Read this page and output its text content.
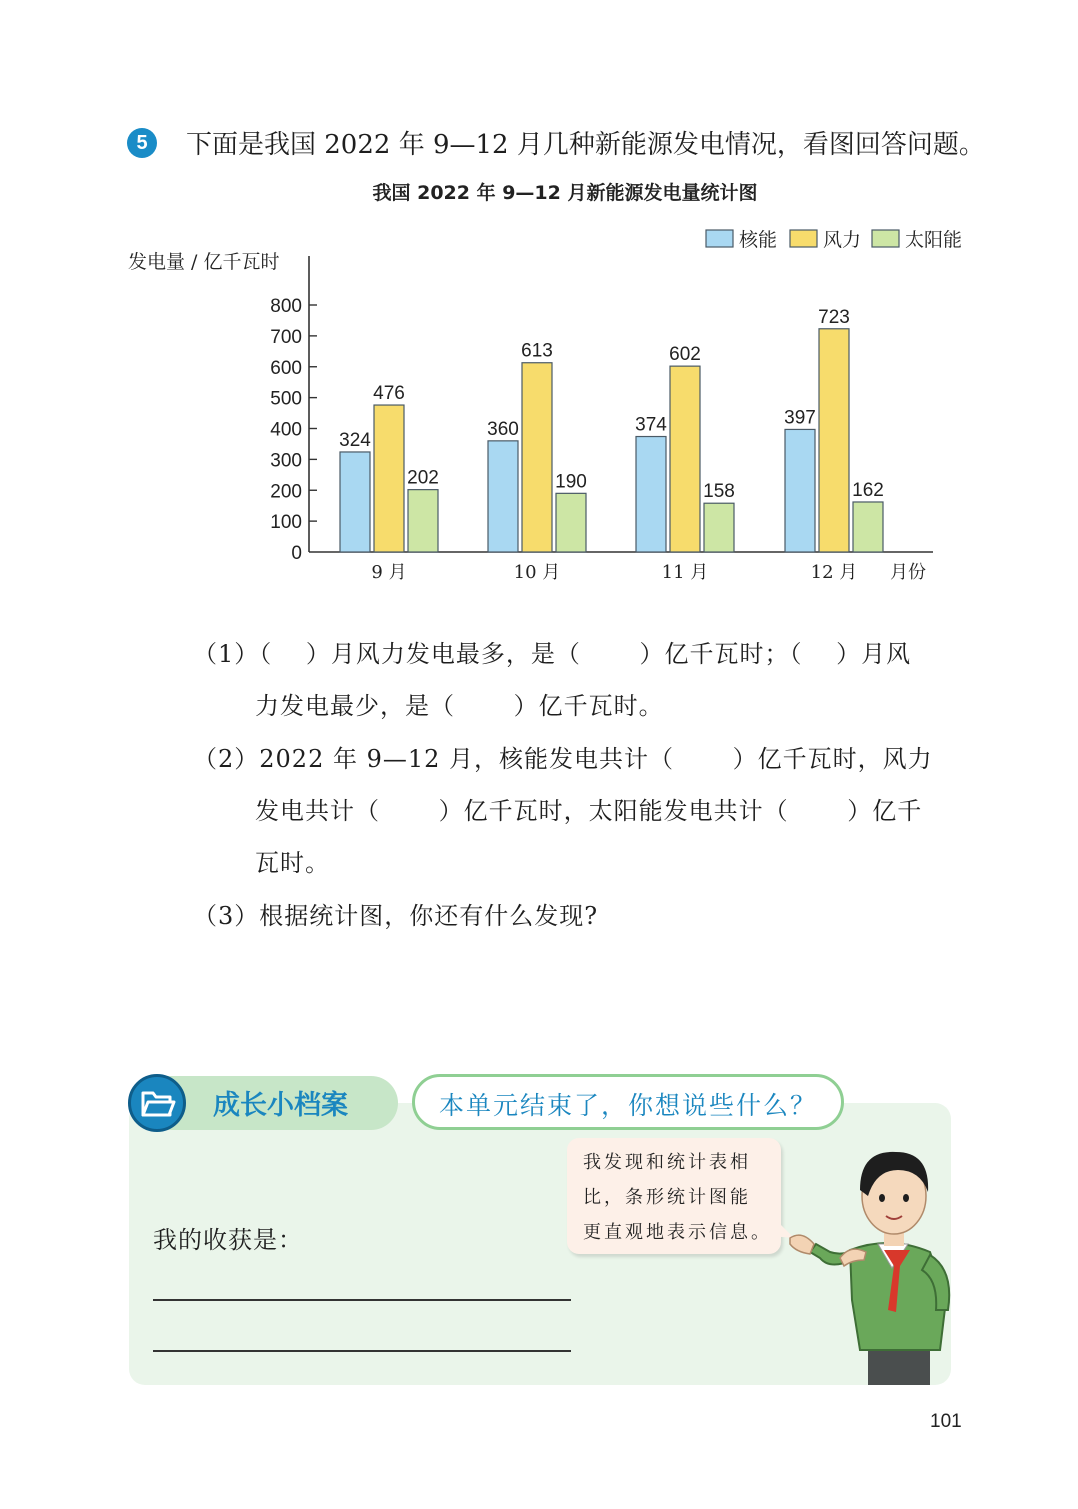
5	下面是我国 2022 年 9—12 月几种新能源发电情况，看图回答问题。
我国 2022 年 9—12 月新能源发电量统计图
发电量 / 亿千瓦时
月份
0
100
200
300
400
500
600
700
800
324
476
202
360
613
190
374
602
158
397
723
162
9 月	10 月	11 月	12 月
核能 风力 太阳能
（1）（　 ）月风力发电最多，是（　　 ）亿千瓦时；（　 ）月风
力发电最少，是（　　 ）亿千瓦时。
（2）2022 年 9—12 月，核能发电共计（　　 ）亿千瓦时，风力
发电共计（　　 ）亿千瓦时，太阳能发电共计（　　 ）亿千
瓦时。
（3）根据统计图，你还有什么发现?
成长小档案	本单元结束了，你想说些什么？
我发现和统计表相
比，条形统计图能
更直观地表示信息。
我的收获是：
101
